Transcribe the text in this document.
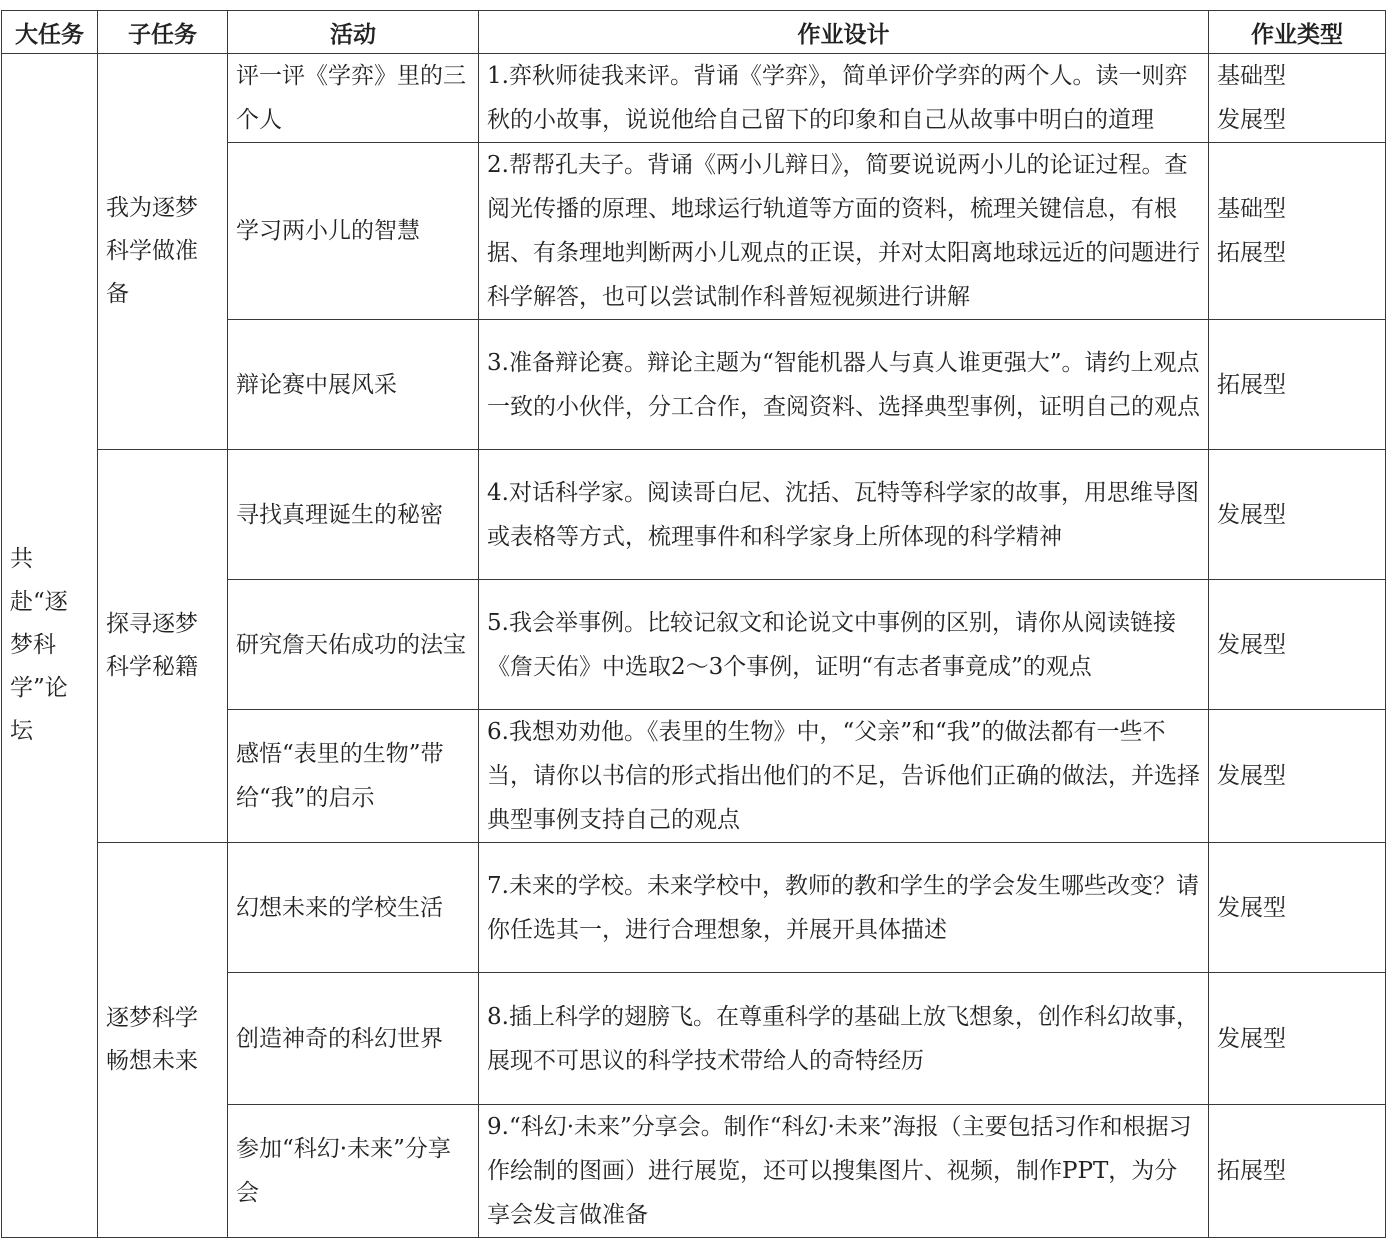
大任务	子任务	活动	作业设计	作业类型
共赴“逐梦科学”论坛	我为逐梦科学做准备	评一评《学弈》里的三个人	1.弈秋师徒我来评。背诵《学弈》，简单评价学弈的两个人。读一则弈秋的小故事，说说他给自己留下的印象和自己从故事中明白的道理	基础型
发展型

		学习两小儿的智慧	2.帮帮孔夫子。背诵《两小儿辩日》，简要说说两小儿的论证过程。查阅光传播的原理、地球运行轨道等方面的资料，梳理关键信息，有根据、有条理地判断两小儿观点的正误，并对太阳离地球远近的问题进行科学解答，也可以尝试制作科普短视频进行讲解	基础型
拓展型

		辩论赛中展风采	3.准备辩论赛。辩论主题为“智能机器人与真人谁更强大”。请约上观点一致的小伙伴，分工合作，查阅资料、选择典型事例，证明自己的观点	拓展型

	探寻逐梦科学秘籍	寻找真理诞生的秘密	4.对话科学家。阅读哥白尼、沈括、瓦特等科学家的故事，用思维导图或表格等方式，梳理事件和科学家身上所体现的科学精神	发展型

		研究詹天佑成功的法宝	5.我会举事例。比较记叙文和论说文中事例的区别，请你从阅读链接《詹天佑》中选取2～3个事例，证明“有志者事竟成”的观点	发展型

		感悟“表里的生物”带给“我”的启示	6.我想劝劝他。《表里的生物》中，“父亲”和“我”的做法都有一些不当，请你以书信的形式指出他们的不足，告诉他们正确的做法，并选择典型事例支持自己的观点	发展型

	逐梦科学畅想未来	幻想未来的学校生活	7.未来的学校。未来学校中，教师的教和学生的学会发生哪些改变？请你任选其一，进行合理想象，并展开具体描述	发展型

		创造神奇的科幻世界	8.插上科学的翅膀飞。在尊重科学的基础上放飞想象，创作科幻故事，展现不可思议的科学技术带给人的奇特经历	发展型

		参加“科幻·未来”分享会	9.“科幻·未来”分享会。制作“科幻·未来”海报（主要包括习作和根据习作绘制的图画）进行展览，还可以搜集图片、视频，制作PPT，为分享会发言做准备	拓展型
